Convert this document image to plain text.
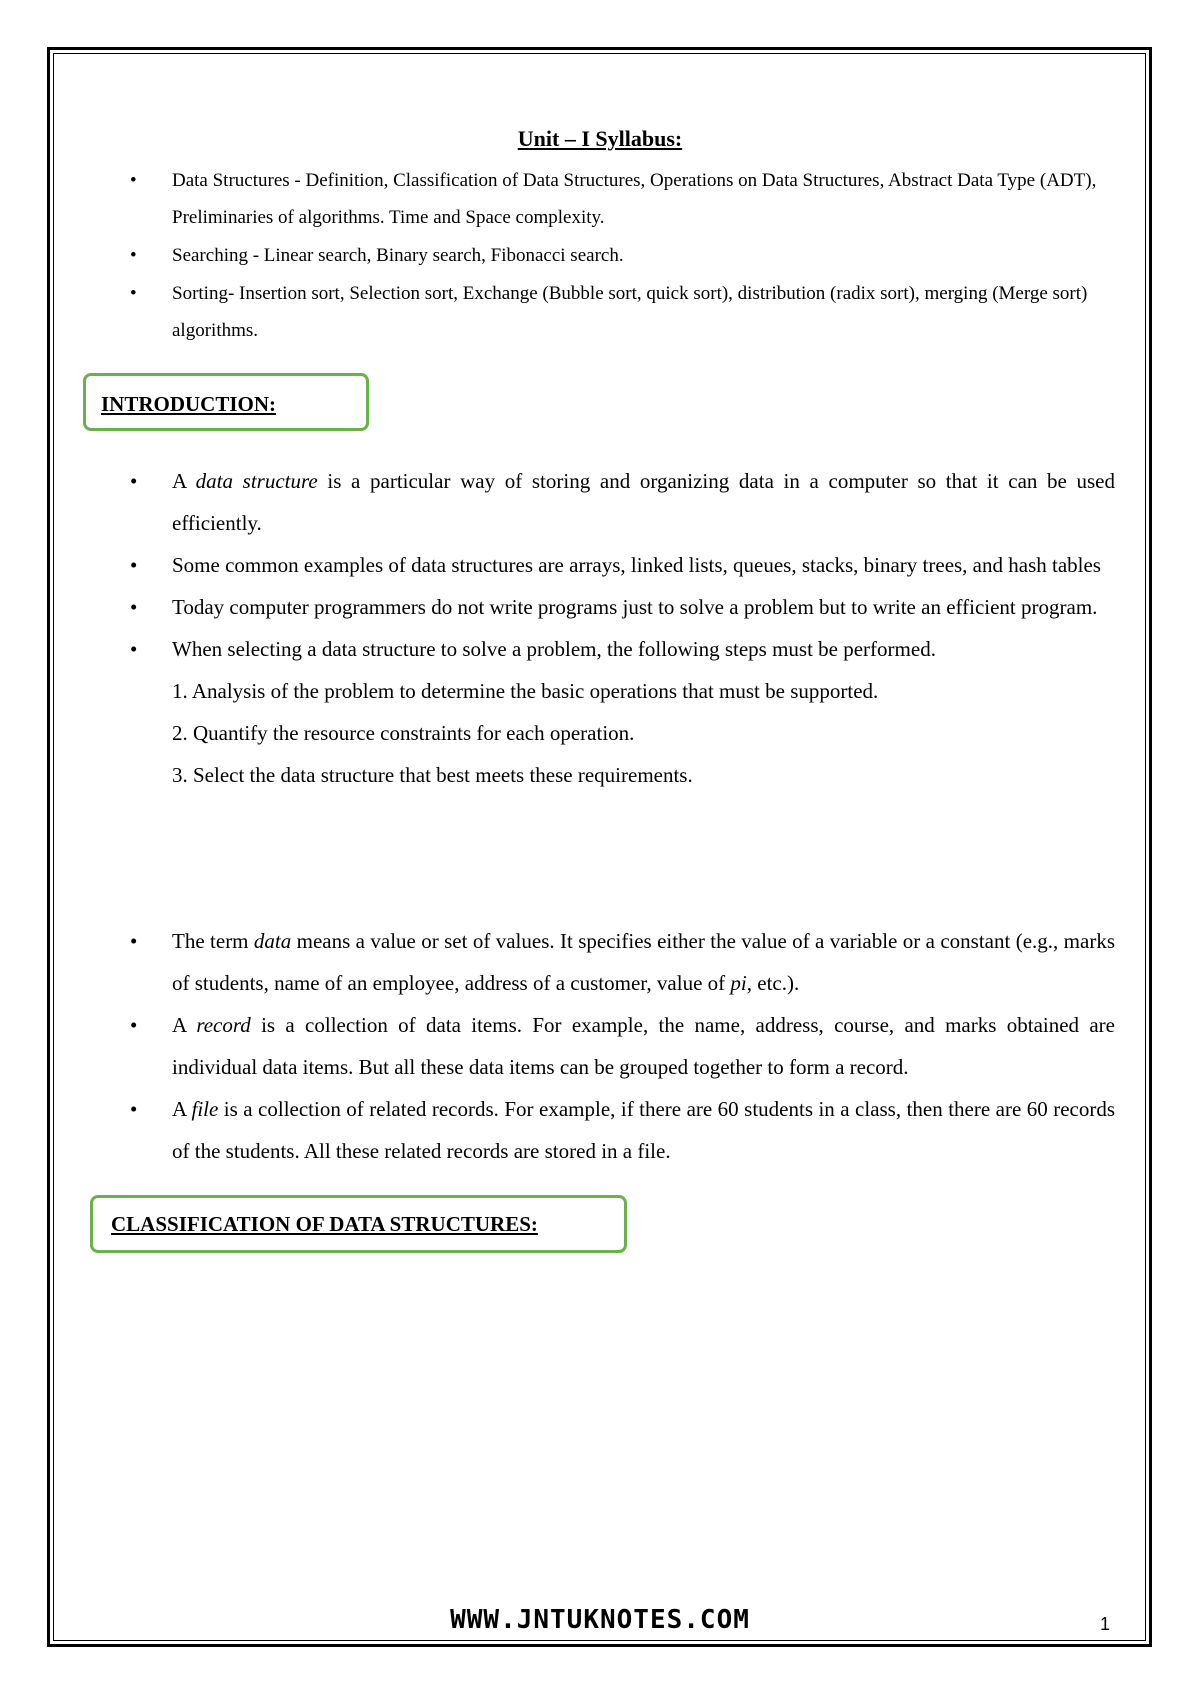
Unit – I Syllabus:
• Data Structures - Definition, Classification of Data Structures, Operations on Data Structures, Abstract Data Type (ADT), Preliminaries of algorithms. Time and Space complexity.
• Searching - Linear search, Binary search, Fibonacci search.
• Sorting- Insertion sort, Selection sort, Exchange (Bubble sort, quick sort), distribution (radix sort), merging (Merge sort) algorithms.
INTRODUCTION:
• A data structure is a particular way of storing and organizing data in a computer so that it can be used efficiently.
• Some common examples of data structures are arrays, linked lists, queues, stacks, binary trees, and hash tables
• Today computer programmers do not write programs just to solve a problem but to write an efficient program.
• When selecting a data structure to solve a problem, the following steps must be performed.
1. Analysis of the problem to determine the basic operations that must be supported.
2. Quantify the resource constraints for each operation.
3. Select the data structure that best meets these requirements.
• The term data means a value or set of values. It specifies either the value of a variable or a constant (e.g., marks of students, name of an employee, address of a customer, value of pi, etc.).
• A record is a collection of data items. For example, the name, address, course, and marks obtained are individual data items. But all these data items can be grouped together to form a record.
• A file is a collection of related records. For example, if there are 60 students in a class, then there are 60 records of the students. All these related records are stored in a file.
CLASSIFICATION OF DATA STRUCTURES:
WWW.JNTUKNOTES.COM	1
